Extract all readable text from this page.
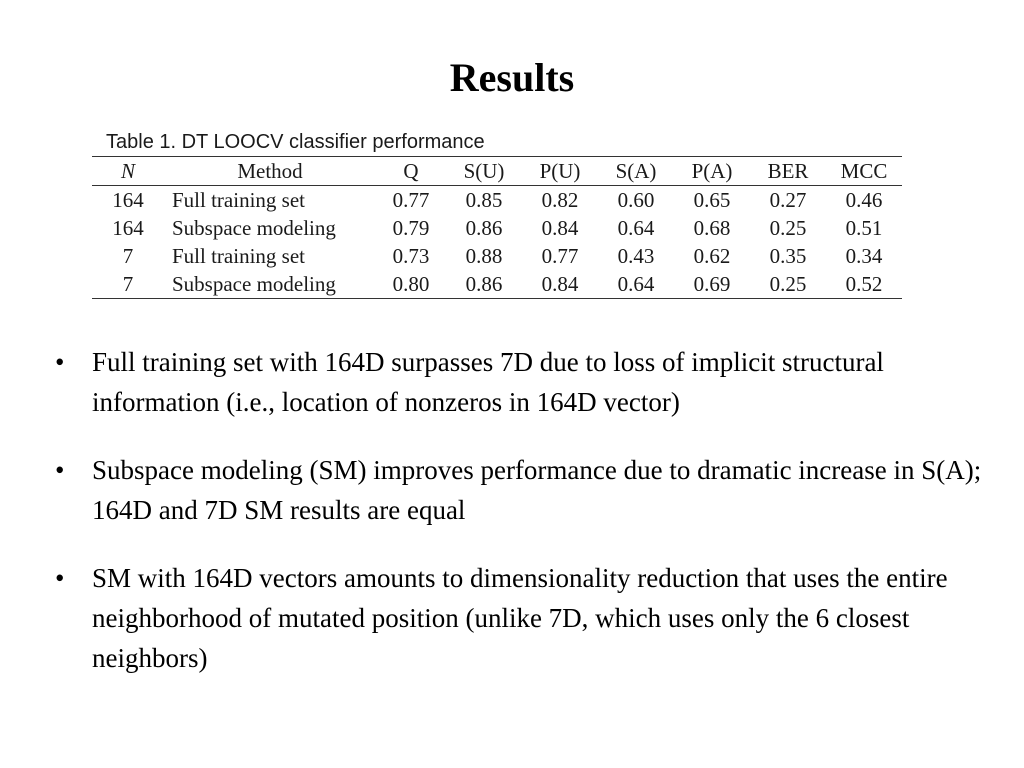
Results
Table 1. DT LOOCV classifier performance
N	Method	Q	S(U)	P(U)	S(A)	P(A)	BER	MCC
164	Full training set	0.77	0.85	0.82	0.60	0.65	0.27	0.46
164	Subspace modeling	0.79	0.86	0.84	0.64	0.68	0.25	0.51
7	Full training set	0.73	0.88	0.77	0.43	0.62	0.35	0.34
7	Subspace modeling	0.80	0.86	0.84	0.64	0.69	0.25	0.52
• Full training set with 164D surpasses 7D due to loss of implicit structural information (i.e., location of nonzeros in 164D vector)
• Subspace modeling (SM) improves performance due to dramatic increase in S(A); 164D and 7D SM results are equal
• SM with 164D vectors amounts to dimensionality reduction that uses the entire neighborhood of mutated position (unlike 7D, which uses only the 6 closest neighbors)
